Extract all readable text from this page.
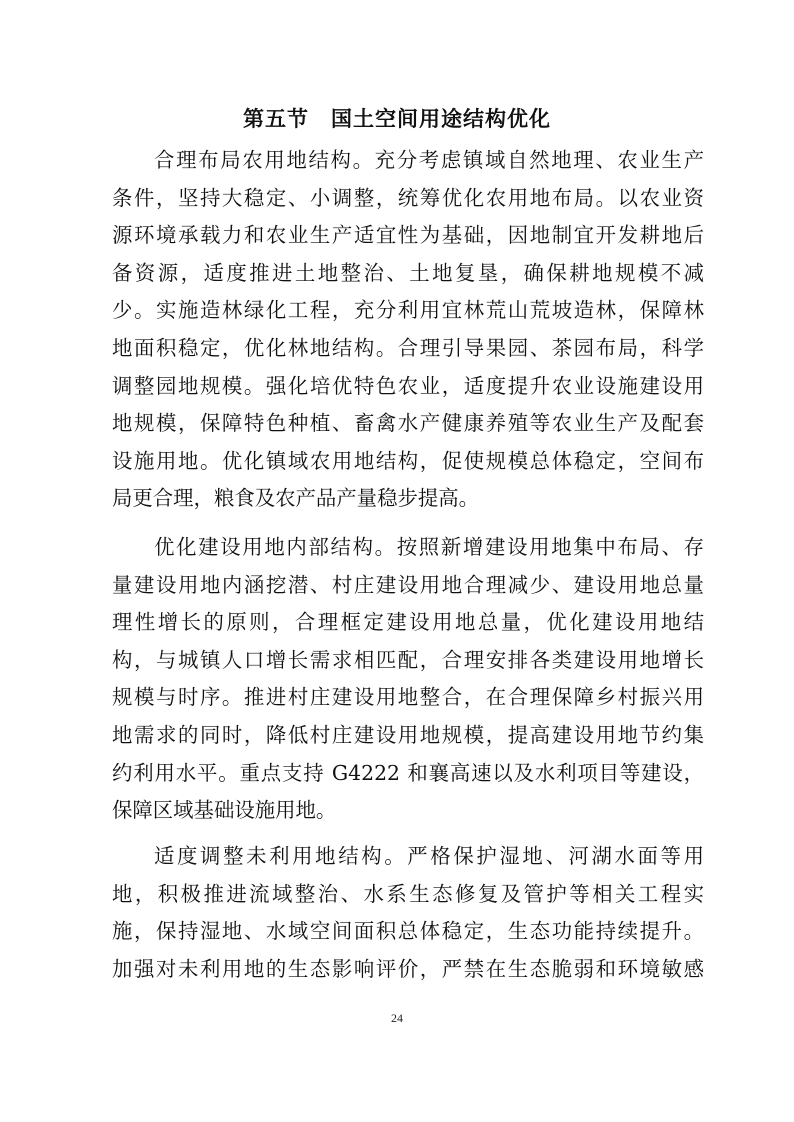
第五节　国土空间用途结构优化
合理布局农用地结构。充分考虑镇域自然地理、农业生产
条件，坚持大稳定、小调整，统筹优化农用地布局。以农业资
源环境承载力和农业生产适宜性为基础，因地制宜开发耕地后
备资源，适度推进土地整治、土地复垦，确保耕地规模不减
少。实施造林绿化工程，充分利用宜林荒山荒坡造林，保障林
地面积稳定，优化林地结构。合理引导果园、茶园布局，科学
调整园地规模。强化培优特色农业，适度提升农业设施建设用
地规模，保障特色种植、畜禽水产健康养殖等农业生产及配套
设施用地。优化镇域农用地结构，促使规模总体稳定，空间布
局更合理，粮食及农产品产量稳步提高。
优化建设用地内部结构。按照新增建设用地集中布局、存
量建设用地内涵挖潜、村庄建设用地合理减少、建设用地总量
理性增长的原则，合理框定建设用地总量，优化建设用地结
构，与城镇人口增长需求相匹配，合理安排各类建设用地增长
规模与时序。推进村庄建设用地整合，在合理保障乡村振兴用
地需求的同时，降低村庄建设用地规模，提高建设用地节约集
约利用水平。重点支持 G4222 和襄高速以及水利项目等建设，
保障区域基础设施用地。
适度调整未利用地结构。严格保护湿地、河湖水面等用
地，积极推进流域整治、水系生态修复及管护等相关工程实
施，保持湿地、水域空间面积总体稳定，生态功能持续提升。
加强对未利用地的生态影响评价，严禁在生态脆弱和环境敏感
24
